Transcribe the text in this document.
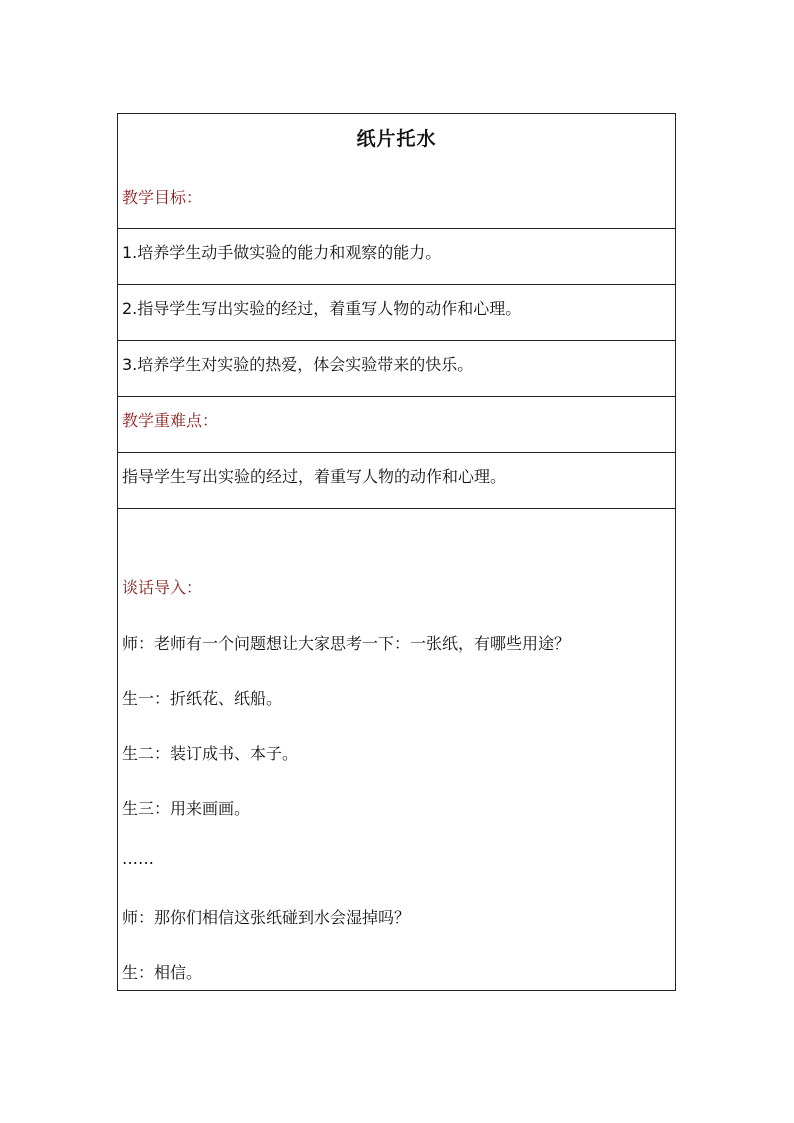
纸片托水
教学目标：
1.培养学生动手做实验的能力和观察的能力。
2.指导学生写出实验的经过，着重写人物的动作和心理。
3.培养学生对实验的热爱，体会实验带来的快乐。
教学重难点：
指导学生写出实验的经过，着重写人物的动作和心理。
谈话导入：
师：老师有一个问题想让大家思考一下：一张纸，有哪些用途？
生一：折纸花、纸船。
生二：装订成书、本子。
生三：用来画画。
……
师：那你们相信这张纸碰到水会湿掉吗？
生：相信。
